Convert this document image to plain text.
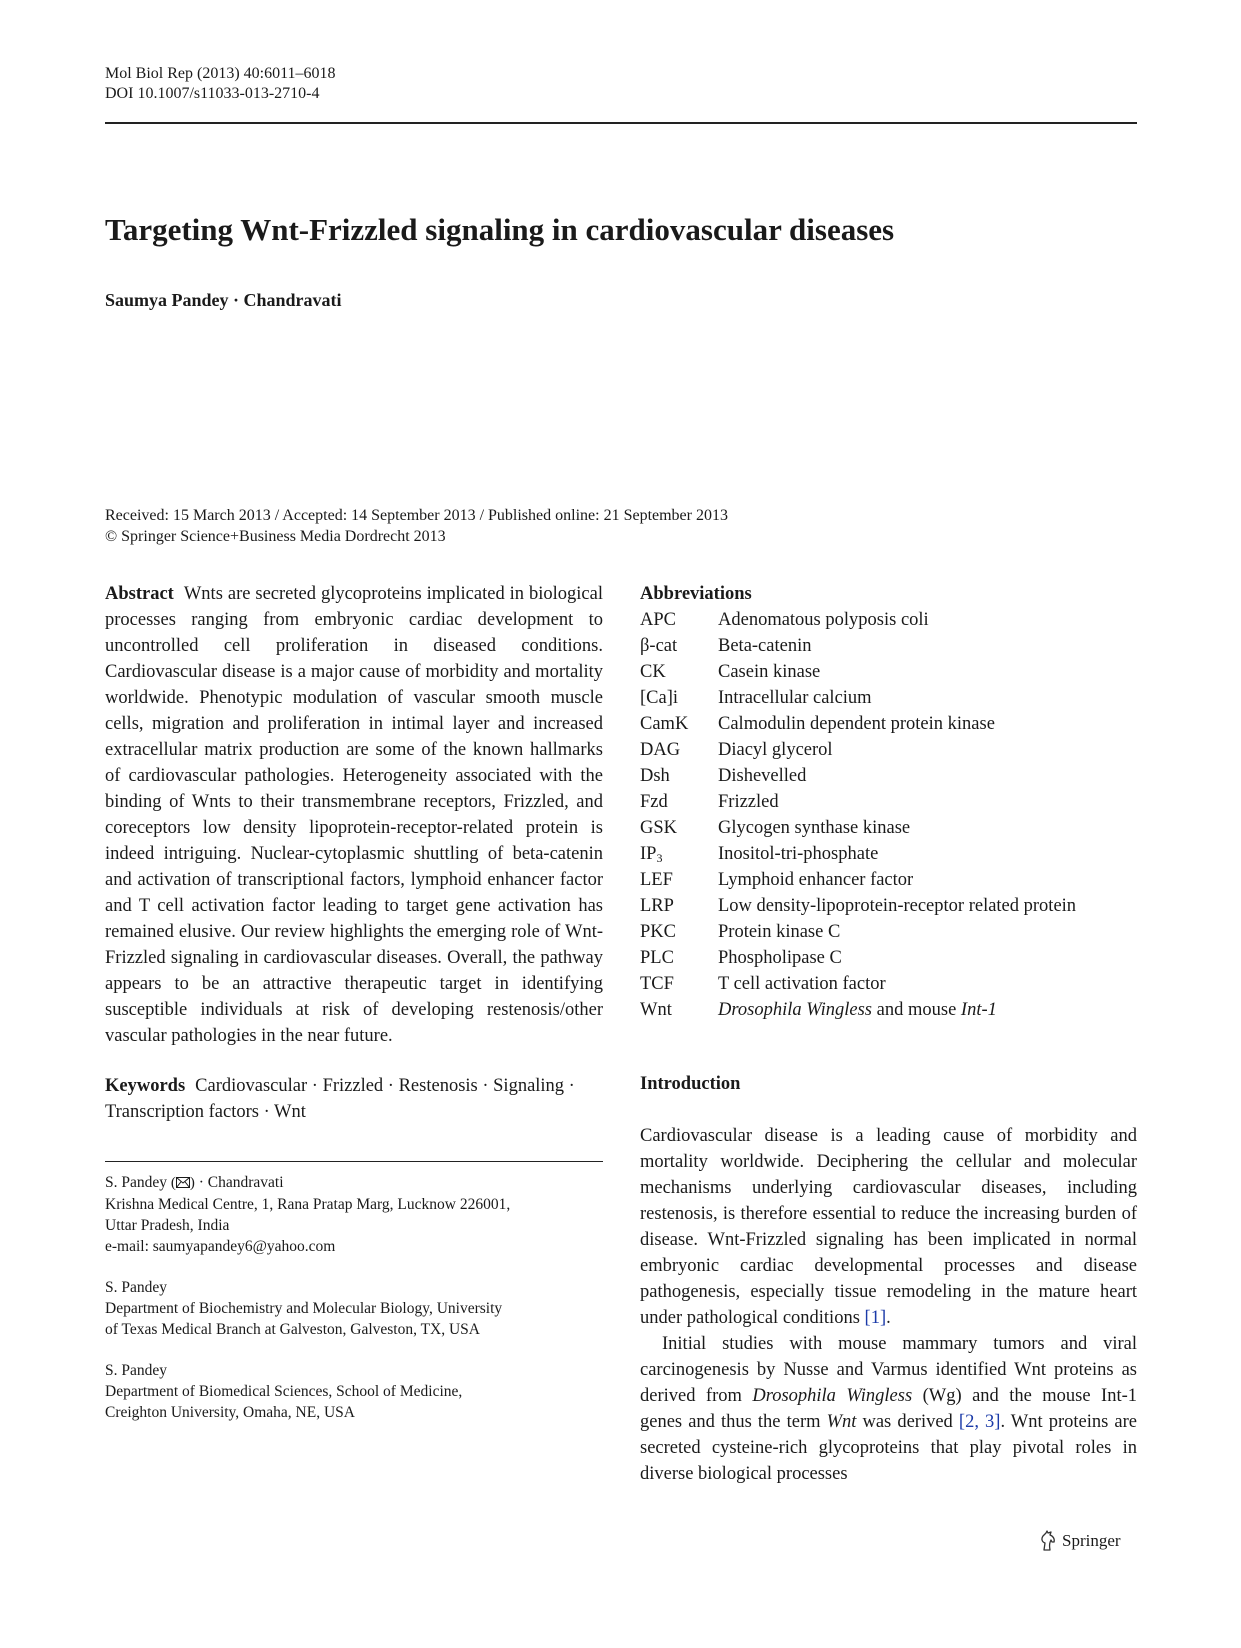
Mol Biol Rep (2013) 40:6011–6018
DOI 10.1007/s11033-013-2710-4
Targeting Wnt-Frizzled signaling in cardiovascular diseases
Saumya Pandey · Chandravati
Received: 15 March 2013 / Accepted: 14 September 2013 / Published online: 21 September 2013
© Springer Science+Business Media Dordrecht 2013

Abstract Wnts are secreted glycoproteins implicated in biological processes ranging from embryonic cardiac development to uncontrolled cell proliferation in diseased conditions. Cardiovascular disease is a major cause of morbidity and mortality worldwide. Phenotypic modulation of vascular smooth muscle cells, migration and proliferation in intimal layer and increased extracellular matrix production are some of the known hallmarks of cardiovascular pathologies. Heterogeneity associated with the binding of Wnts to their transmembrane receptors, Frizzled, and coreceptors low density lipoprotein-receptor-related protein is indeed intriguing. Nuclear-cytoplasmic shuttling of beta-catenin and activation of transcriptional factors, lymphoid enhancer factor and T cell activation factor leading to target gene activation has remained elusive. Our review highlights the emerging role of Wnt-Frizzled signaling in cardiovascular diseases. Overall, the pathway appears to be an attractive therapeutic target in identifying susceptible individuals at risk of developing restenosis/other vascular pathologies in the near future.

Keywords Cardiovascular · Frizzled · Restenosis · Signaling · Transcription factors · Wnt

S. Pandey ( ) · Chandravati
Krishna Medical Centre, 1, Rana Pratap Marg, Lucknow 226001,
Uttar Pradesh, India
e-mail: saumyapandey6@yahoo.com
S. Pandey
Department of Biochemistry and Molecular Biology, University
of Texas Medical Branch at Galveston, Galveston, TX, USA
S. Pandey
Department of Biomedical Sciences, School of Medicine,
Creighton University, Omaha, NE, USA
Abbreviations
APC	Adenomatous polyposis coli
β-cat	Beta-catenin
CK	Casein kinase
[Ca]i	Intracellular calcium
CamK	Calmodulin dependent protein kinase
DAG	Diacyl glycerol
Dsh	Dishevelled
Fzd	Frizzled
GSK	Glycogen synthase kinase
$IP_3$	Inositol-tri-phosphate
LEF	Lymphoid enhancer factor
LRP	Low density-lipoprotein-receptor related protein
PKC	Protein kinase C
PLC	Phospholipase C
TCF	T cell activation factor
Wnt	Drosophila Wingless and mouse Int-1
Introduction

Cardiovascular disease is a leading cause of morbidity and mortality worldwide. Deciphering the cellular and molecular mechanisms underlying cardiovascular diseases, including restenosis, is therefore essential to reduce the increasing burden of disease. Wnt-Frizzled signaling has been implicated in normal embryonic cardiac developmental processes and disease pathogenesis, especially tissue remodeling in the mature heart under pathological conditions [1].

Initial studies with mouse mammary tumors and viral carcinogenesis by Nusse and Varmus identified Wnt proteins as derived from Drosophila Wingless (Wg) and the mouse Int-1 genes and thus the term Wnt was derived [2, 3]. Wnt proteins are secreted cysteine-rich glycoproteins that play pivotal roles in diverse biological processes

Springer
